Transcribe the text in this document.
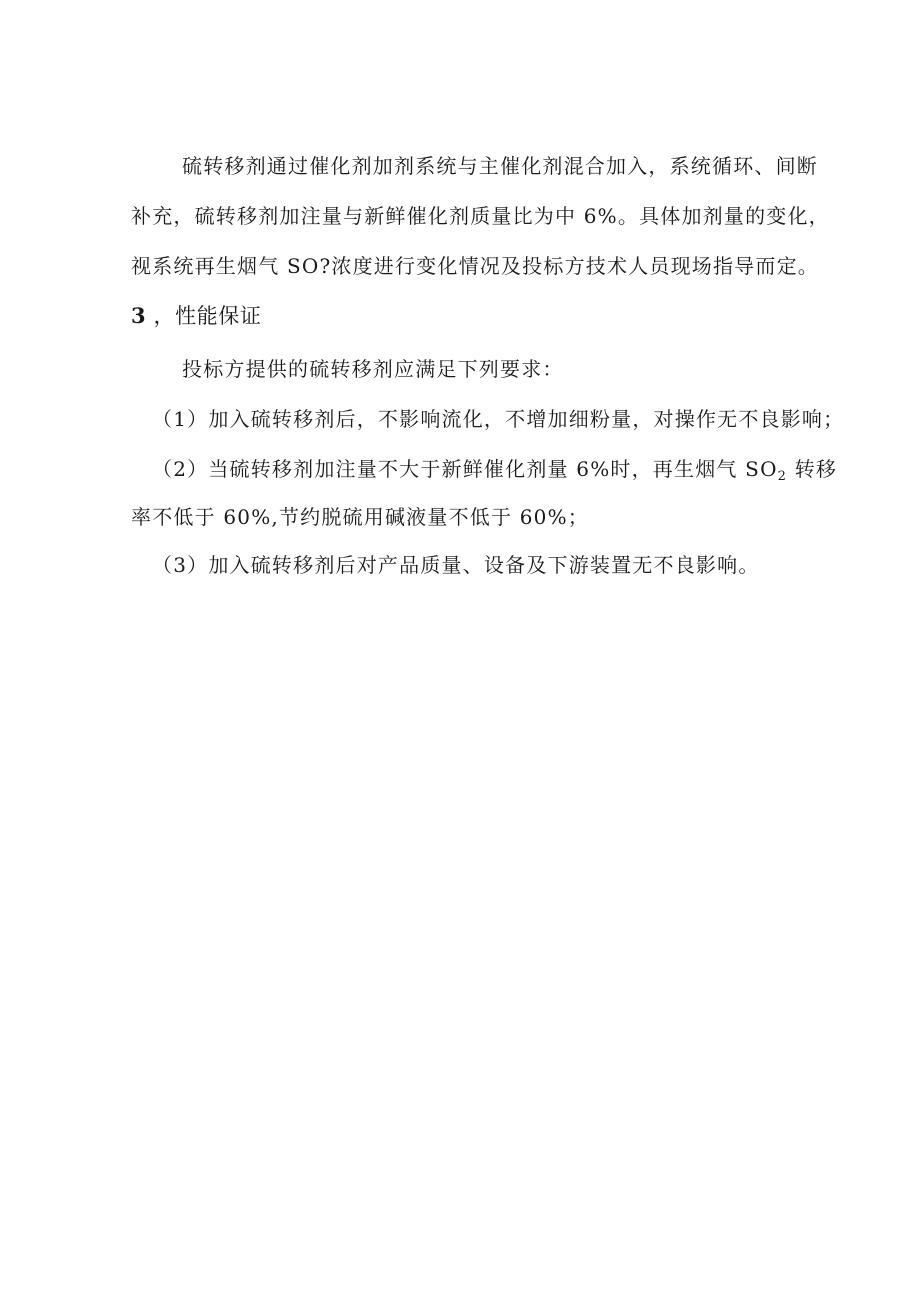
硫转移剂通过催化剂加剂系统与主催化剂混合加入，系统循环、间断
补充，硫转移剂加注量与新鲜催化剂质量比为中 6%。具体加剂量的变化，
视系统再生烟气 SO?浓度进行变化情况及投标方技术人员现场指导而定。
3 ，性能保证
投标方提供的硫转移剂应满足下列要求：
（1）加入硫转移剂后，不影响流化，不增加细粉量，对操作无不良影响；
（2）当硫转移剂加注量不大于新鲜催化剂量 6%时，再生烟气 $SO_2$ 转移
率不低于 60%,节约脱硫用碱液量不低于 60%；
（3）加入硫转移剂后对产品质量、设备及下游装置无不良影响。
